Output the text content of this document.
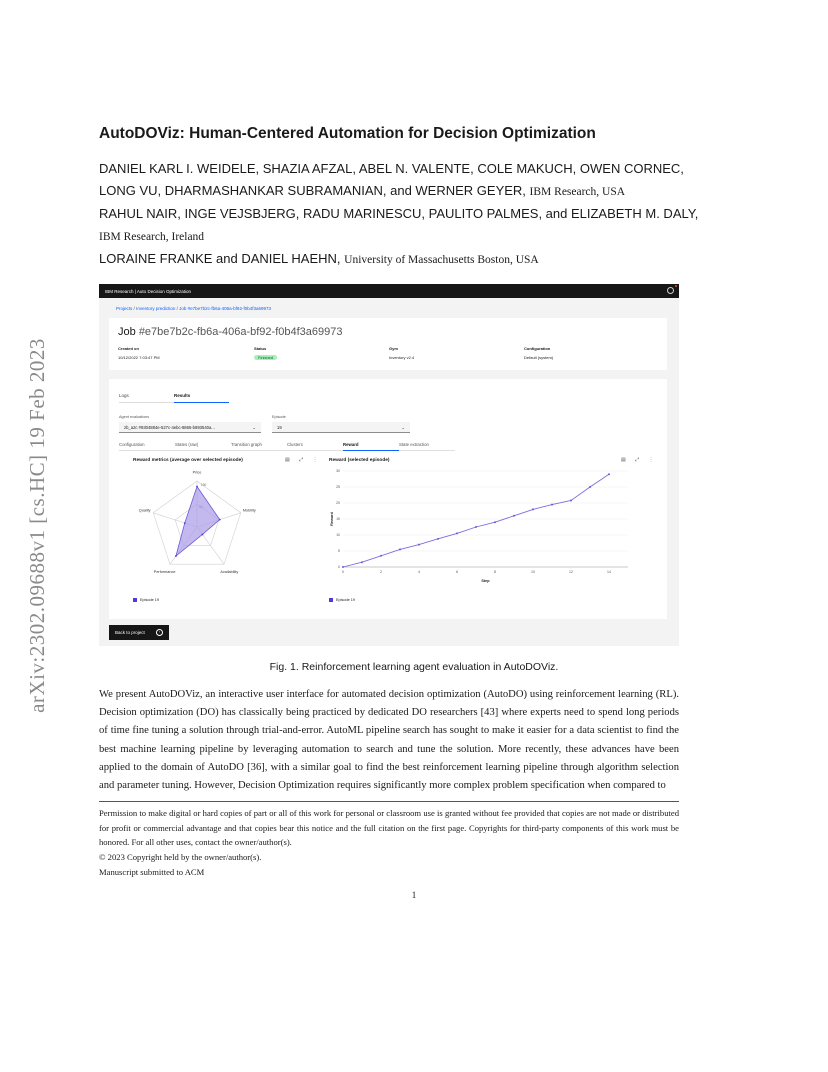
arXiv:2302.09688v1 [cs.HC] 19 Feb 2023
AutoDOViz: Human-Centered Automation for Decision Optimization
DANIEL KARL I. WEIDELE, SHAZIA AFZAL, ABEL N. VALENTE, COLE MAKUCH, OWEN CORNEC, LONG VU, DHARMASHANKAR SUBRAMANIAN, and WERNER GEYER, IBM Research, USA
RAHUL NAIR, INGE VEJSBJERG, RADU MARINESCU, PAULITO PALMES, and ELIZABETH M. DALY, IBM Research, Ireland
LORAINE FRANKE and DANIEL HAEHN, University of Massachusetts Boston, USA
IBM Research | Auto Decision Optimization
Projects / Inventory prediction / Job #e7be7b2c-fb6a-406a-bf92-f0b4f3a69973
Job #e7be7b2c-fb6a-406a-bf92-f0b4f3a69973
Created on
10/12/2022 7:03:47 PM
Status
Finished
Gym
Inventory v2.4
Configuration
Default (system)
Logs	Results
Agent evaluations
zb_a2c #9304884e-527c-4ebc-8865-b993540a...	⌄
Episode
19	⌄
Configuration	States (raw)	Transition graph	Clusters	Reward	State extraction
Reward metrics (average over selected episode)	▤ ⤢ ⋮ Reward (selected episode)	▤ ⤢ ⋮
Price
Mobility
Availability
Performance
Quality
100
0
5
10
15
20
25
30
0	2	4	6	8	10	12	14
Step
Reward
Episode 19	Episode 19
Back to project	›
Fig. 1. Reinforcement learning agent evaluation in AutoDOViz.

We present AutoDOViz, an interactive user interface for automated decision optimization (AutoDO) using reinforcement learning (RL). Decision optimization (DO) has classically being practiced by dedicated DO researchers [43] where experts need to spend long periods of time fine tuning a solution through trial-and-error. AutoML pipeline search has sought to make it easier for a data scientist to find the best machine learning pipeline by leveraging automation to search and tune the solution. More recently, these advances have been applied to the domain of AutoDO [36], with a similar goal to find the best reinforcement learning pipeline through algorithm selection and parameter tuning. However, Decision Optimization requires significantly more complex problem specification when compared to

Permission to make digital or hard copies of part or all of this work for personal or classroom use is granted without fee provided that copies are not made or distributed for profit or commercial advantage and that copies bear this notice and the full citation on the first page. Copyrights for third-party components of this work must be honored. For all other uses, contact the owner/author(s).

© 2023 Copyright held by the owner/author(s).

Manuscript submitted to ACM

1
